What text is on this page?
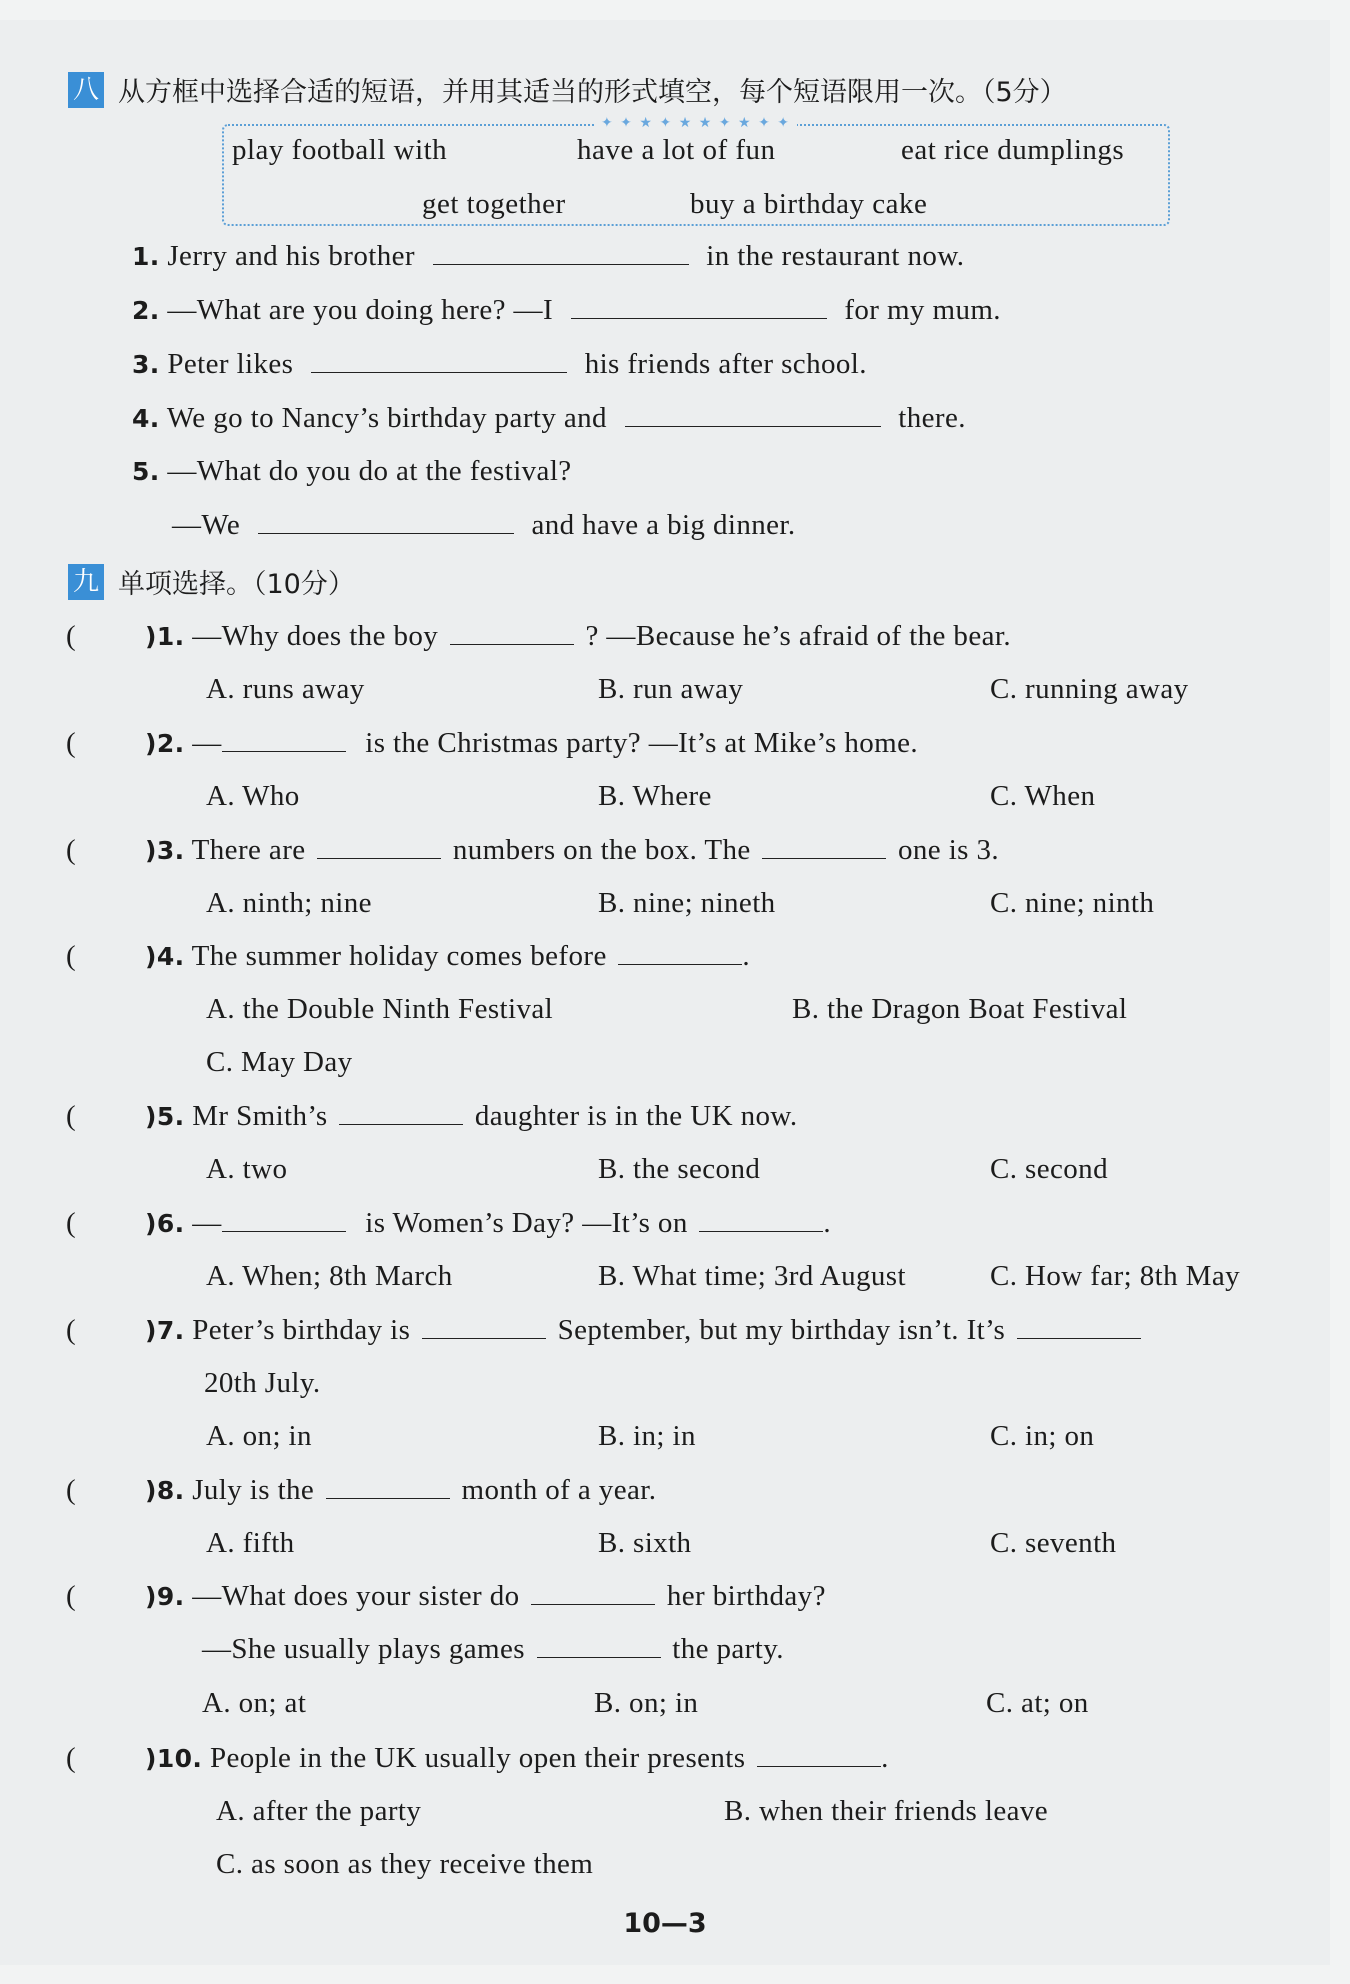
八 从方框中选择合适的短语，并用其适当的形式填空，每个短语限用一次。（5分）
✦ ✦ ★ ✦ ★ ★ ✦ ★ ✦ ✦
play football with	have a lot of fun	eat rice dumplings
get together	buy a birthday cake
1. Jerry and his brother	in the restaurant now.
2. —What are you doing here? —I	for my mum.
3. Peter likes	his friends after school.
4. We go to Nancy’s birthday party and	there.
5. —What do you do at the festival?
—We	and have a big dinner.
九 单项选择。（10分）
(	)1. —Why does the boy	? —Because he’s afraid of the bear.
A. runs away	B. run away	C. running away
(	)2. —	is the Christmas party? —It’s at Mike’s home.
A. Who	B. Where	C. When
(	)3. There are	numbers on the box. The	one is 3.
A. ninth; nine	B. nine; nineth	C. nine; ninth
(	)4. The summer holiday comes before	.
A. the Double Ninth Festival	B. the Dragon Boat Festival
C. May Day
(	)5. Mr Smith’s	daughter is in the UK now.
A. two	B. the second	C. second
(	)6. —	is Women’s Day? —It’s on	.
A. When; 8th March	B. What time; 3rd August	C. How far; 8th May
(	)7. Peter’s birthday is	September, but my birthday isn’t. It’s
20th July.
A. on; in	B. in; in	C. in; on
(	)8. July is the	month of a year.
A. fifth	B. sixth	C. seventh
(	)9. —What does your sister do	her birthday?
—She usually plays games	the party.
A. on; at	B. on; in	C. at; on
(	)10. People in the UK usually open their presents	.
A. after the party	B. when their friends leave
C. as soon as they receive them
10—3
